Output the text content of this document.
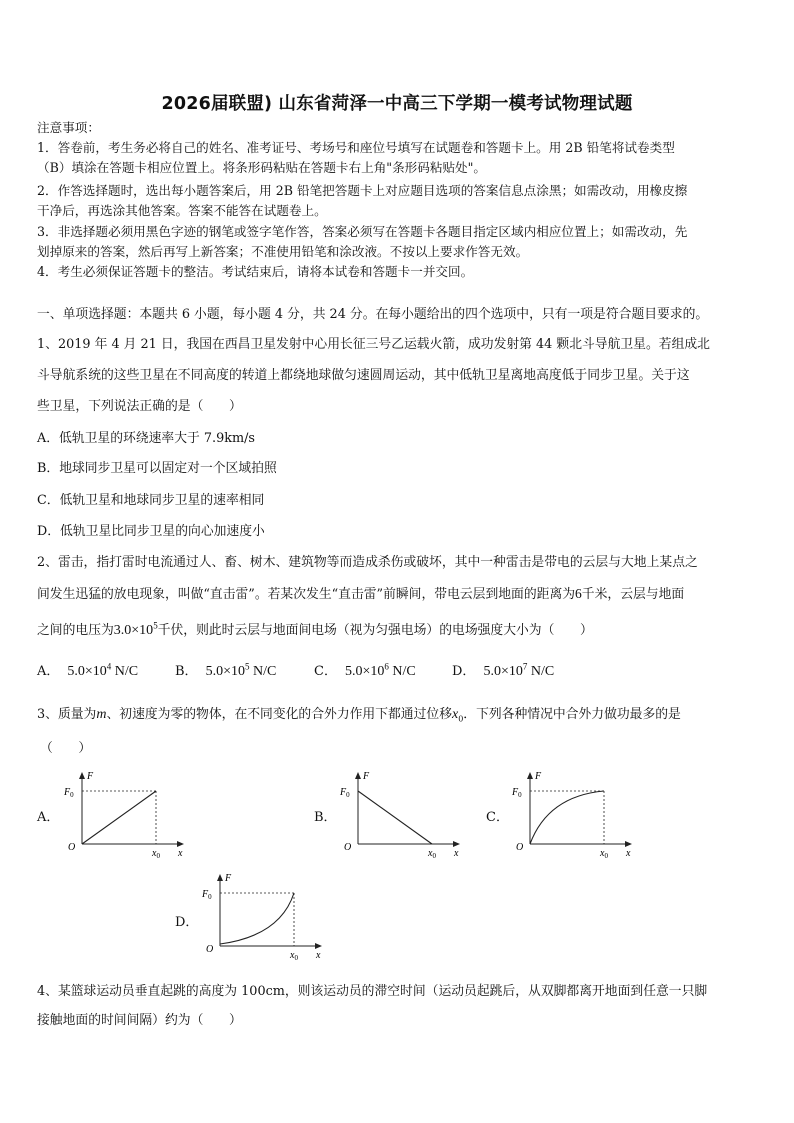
2026届联盟) 山东省菏泽一中高三下学期一模考试物理试题
注意事项：
1．答卷前，考生务必将自己的姓名、准考证号、考场号和座位号填写在试题卷和答题卡上。用 2B 铅笔将试卷类型
（B）填涂在答题卡相应位置上。将条形码粘贴在答题卡右上角"条形码粘贴处"。
2．作答选择题时，选出每小题答案后，用 2B 铅笔把答题卡上对应题目选项的答案信息点涂黑；如需改动，用橡皮擦
干净后，再选涂其他答案。答案不能答在试题卷上。
3．非选择题必须用黑色字迹的钢笔或签字笔作答，答案必须写在答题卡各题目指定区域内相应位置上；如需改动，先
划掉原来的答案，然后再写上新答案；不准使用铅笔和涂改液。不按以上要求作答无效。
4．考生必须保证答题卡的整洁。考试结束后，请将本试卷和答题卡一并交回。
一、单项选择题：本题共 6 小题，每小题 4 分，共 24 分。在每小题给出的四个选项中，只有一项是符合题目要求的。
1、2019 年 4 月 21 日，我国在西昌卫星发射中心用长征三号乙运载火箭，成功发射第 44 颗北斗导航卫星。若组成北
斗导航系统的这些卫星在不同高度的转道上都绕地球做匀速圆周运动，其中低轨卫星离地高度低于同步卫星。关于这
些卫星，下列说法正确的是（　　）
A．低轨卫星的环绕速率大于 7.9km/s
B．地球同步卫星可以固定对一个区域拍照
C．低轨卫星和地球同步卫星的速率相同
D．低轨卫星比同步卫星的向心加速度小
2、雷击，指打雷时电流通过人、畜、树木、建筑物等而造成杀伤或破坏，其中一种雷击是带电的云层与大地上某点之
间发生迅猛的放电现象，叫做“直击雷”。若某次发生“直击雷”前瞬间，带电云层到地面的距离为6千米，云层与地面
之间的电压为$3.0\times 10^5$千伏，则此时云层与地面间电场（视为匀强电场）的电场强度大小为（　　）
A． $5.0\times 10^4$ N/C	B． $5.0\times 10^5$ N/C	C． $5.0\times 10^6$ N/C	D． $5.0\times 10^7$ N/C
3、质量为m、初速度为零的物体，在不同变化的合外力作用下都通过位移$x_0$．下列各种情况中合外力做功最多的是
（　　）
A．	B．	C．
D．
$F_0$
F
O
$x_0$ x
$F_0$
F
O
$x_0$ x
$F_0$
F
O
$x_0$ x
$F_0$
F
O
$x_0$ x
4、某篮球运动员垂直起跳的高度为 100cm，则该运动员的滞空时间（运动员起跳后，从双脚都离开地面到任意一只脚
接触地面的时间间隔）约为（　　）
